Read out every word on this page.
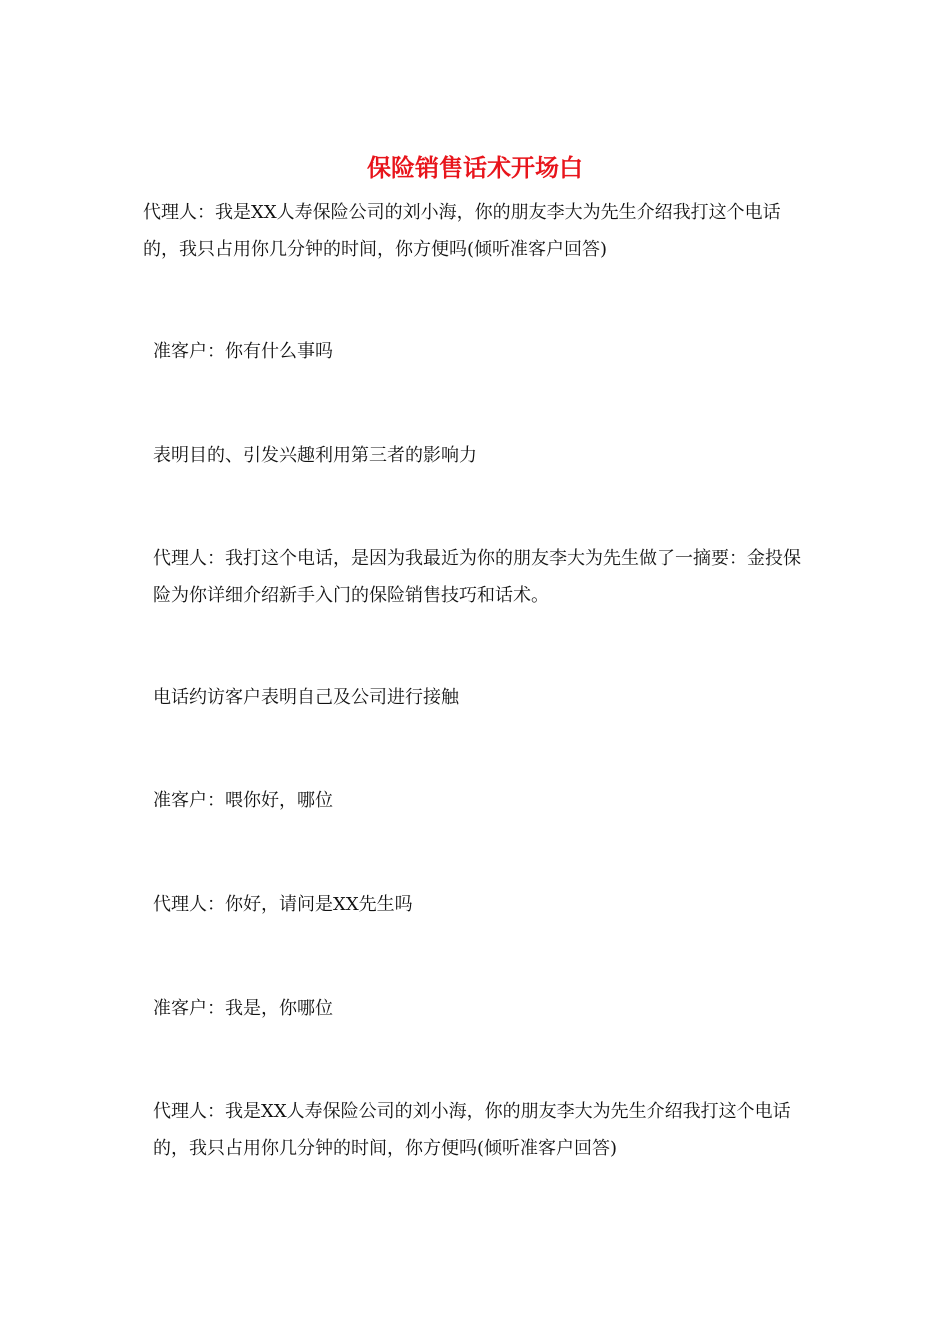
保险销售话术开场白

代理人：我是XX人寿保险公司的刘小海，你的朋友李大为先生介绍我打这个电话的，我只占用你几分钟的时间，你方便吗(倾听准客户回答)

准客户：你有什么事吗

表明目的、引发兴趣利用第三者的影响力

代理人：我打这个电话，是因为我最近为你的朋友李大为先生做了一摘要：金投保险为你详细介绍新手入门的保险销售技巧和话术。

电话约访客户表明自己及公司进行接触

准客户：喂你好，哪位

代理人：你好，请问是XX先生吗

准客户：我是，你哪位

代理人：我是XX人寿保险公司的刘小海，你的朋友李大为先生介绍我打这个电话的，我只占用你几分钟的时间，你方便吗(倾听准客户回答)
